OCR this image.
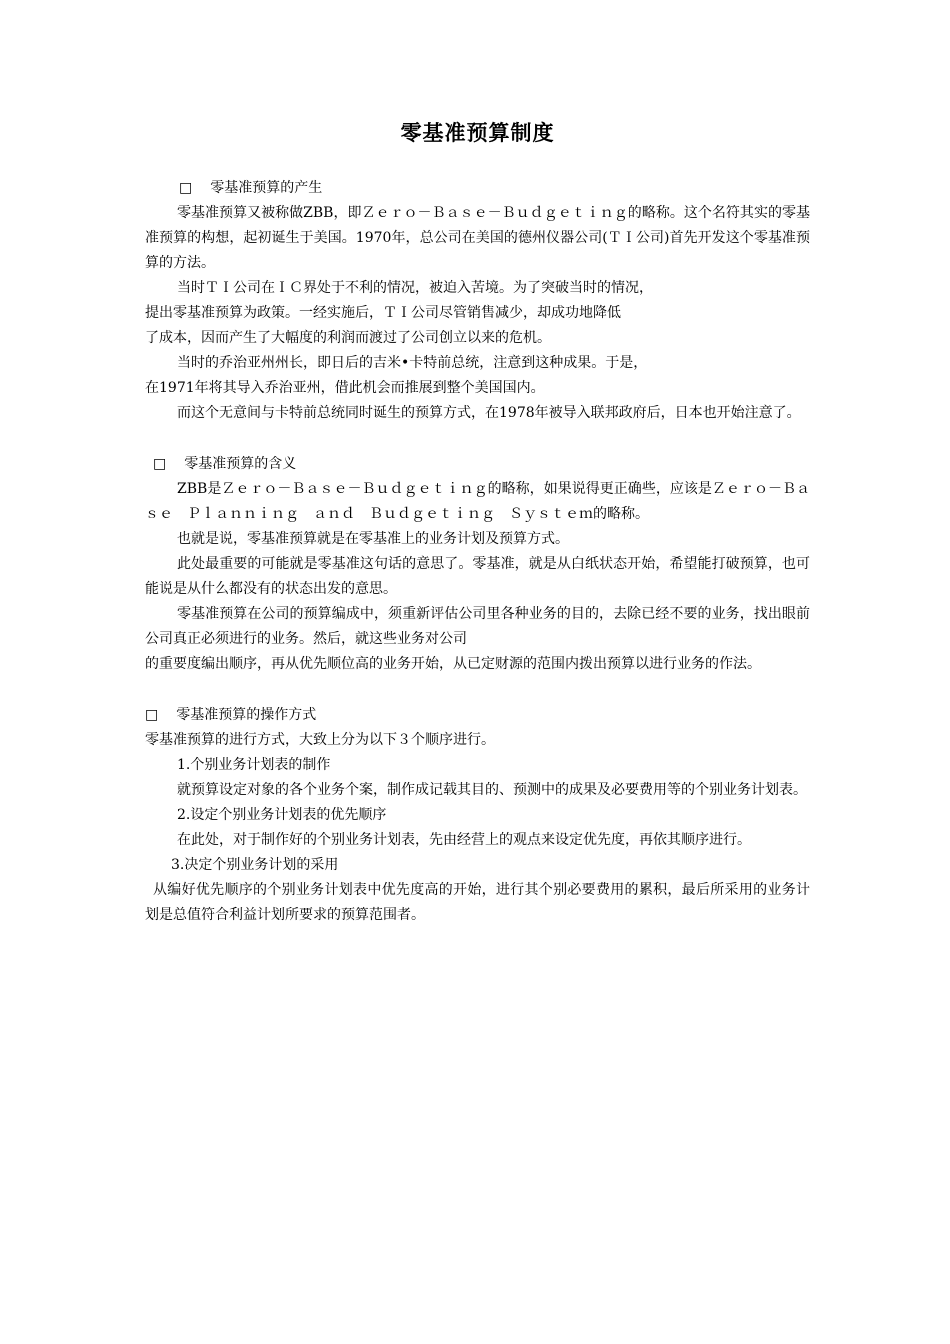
零基准预算制度
□ 零基准预算的产生

零基准预算又被称做ZBB，即Ｚｅｒｏ－Ｂａｓｅ－Ｂｕｄｇｅｔｉｎｇ的略称。这个名符其实的零基准预算的构想，起初诞生于美国。1970年，总公司在美国的德州仪器公司(ＴＩ公司)首先开发这个零基准预算的方法。

当时ＴＩ公司在ＩＣ界处于不利的情况，被迫入苦境。为了突破当时的情况，

提出零基准预算为政策。一经实施后，ＴＩ公司尽管销售减少，却成功地降低

了成本，因而产生了大幅度的利润而渡过了公司创立以来的危机。

当时的乔治亚州州长，即日后的吉米•卡特前总统，注意到这种成果。于是，

在1971年将其导入乔治亚州，借此机会而推展到整个美国国内。

而这个无意间与卡特前总统同时诞生的预算方式，在1978年被导入联邦政府后，日本也开始注意了。

□ 零基准预算的含义

ZBB是Ｚｅｒｏ－Ｂａｓｅ－Ｂｕｄｇｅｔｉｎｇ的略称，如果说得更正确些，应该是Ｚｅｒｏ－Ｂａｓｅ　Ｐｌａｎｎｉｎｇ　ａｎｄ　Ｂｕｄｇｅｔｉｎｇ　Ｓｙｓｔｅｍ的略称。

也就是说，零基准预算就是在零基准上的业务计划及预算方式。

此处最重要的可能就是零基准这句话的意思了。零基准，就是从白纸状态开始，希望能打破预算，也可能说是从什么都没有的状态出发的意思。

零基准预算在公司的预算编成中，须重新评估公司里各种业务的目的，去除已经不要的业务，找出眼前公司真正必须进行的业务。然后，就这些业务对公司

的重要度编出顺序，再从优先顺位高的业务开始，从已定财源的范围内拨出预算以进行业务的作法。

□ 零基准预算的操作方式

零基准预算的进行方式，大致上分为以下３个顺序进行。

1.个别业务计划表的制作

就预算设定对象的各个业务个案，制作成记载其目的、预测中的成果及必要费用等的个别业务计划表。

2.设定个别业务计划表的优先顺序

在此处，对于制作好的个别业务计划表，先由经营上的观点来设定优先度，再依其顺序进行。

3.决定个别业务计划的采用

从编好优先顺序的个别业务计划表中优先度高的开始，进行其个别必要费用的累积，最后所采用的业务计划是总值符合利益计划所要求的预算范围者。
